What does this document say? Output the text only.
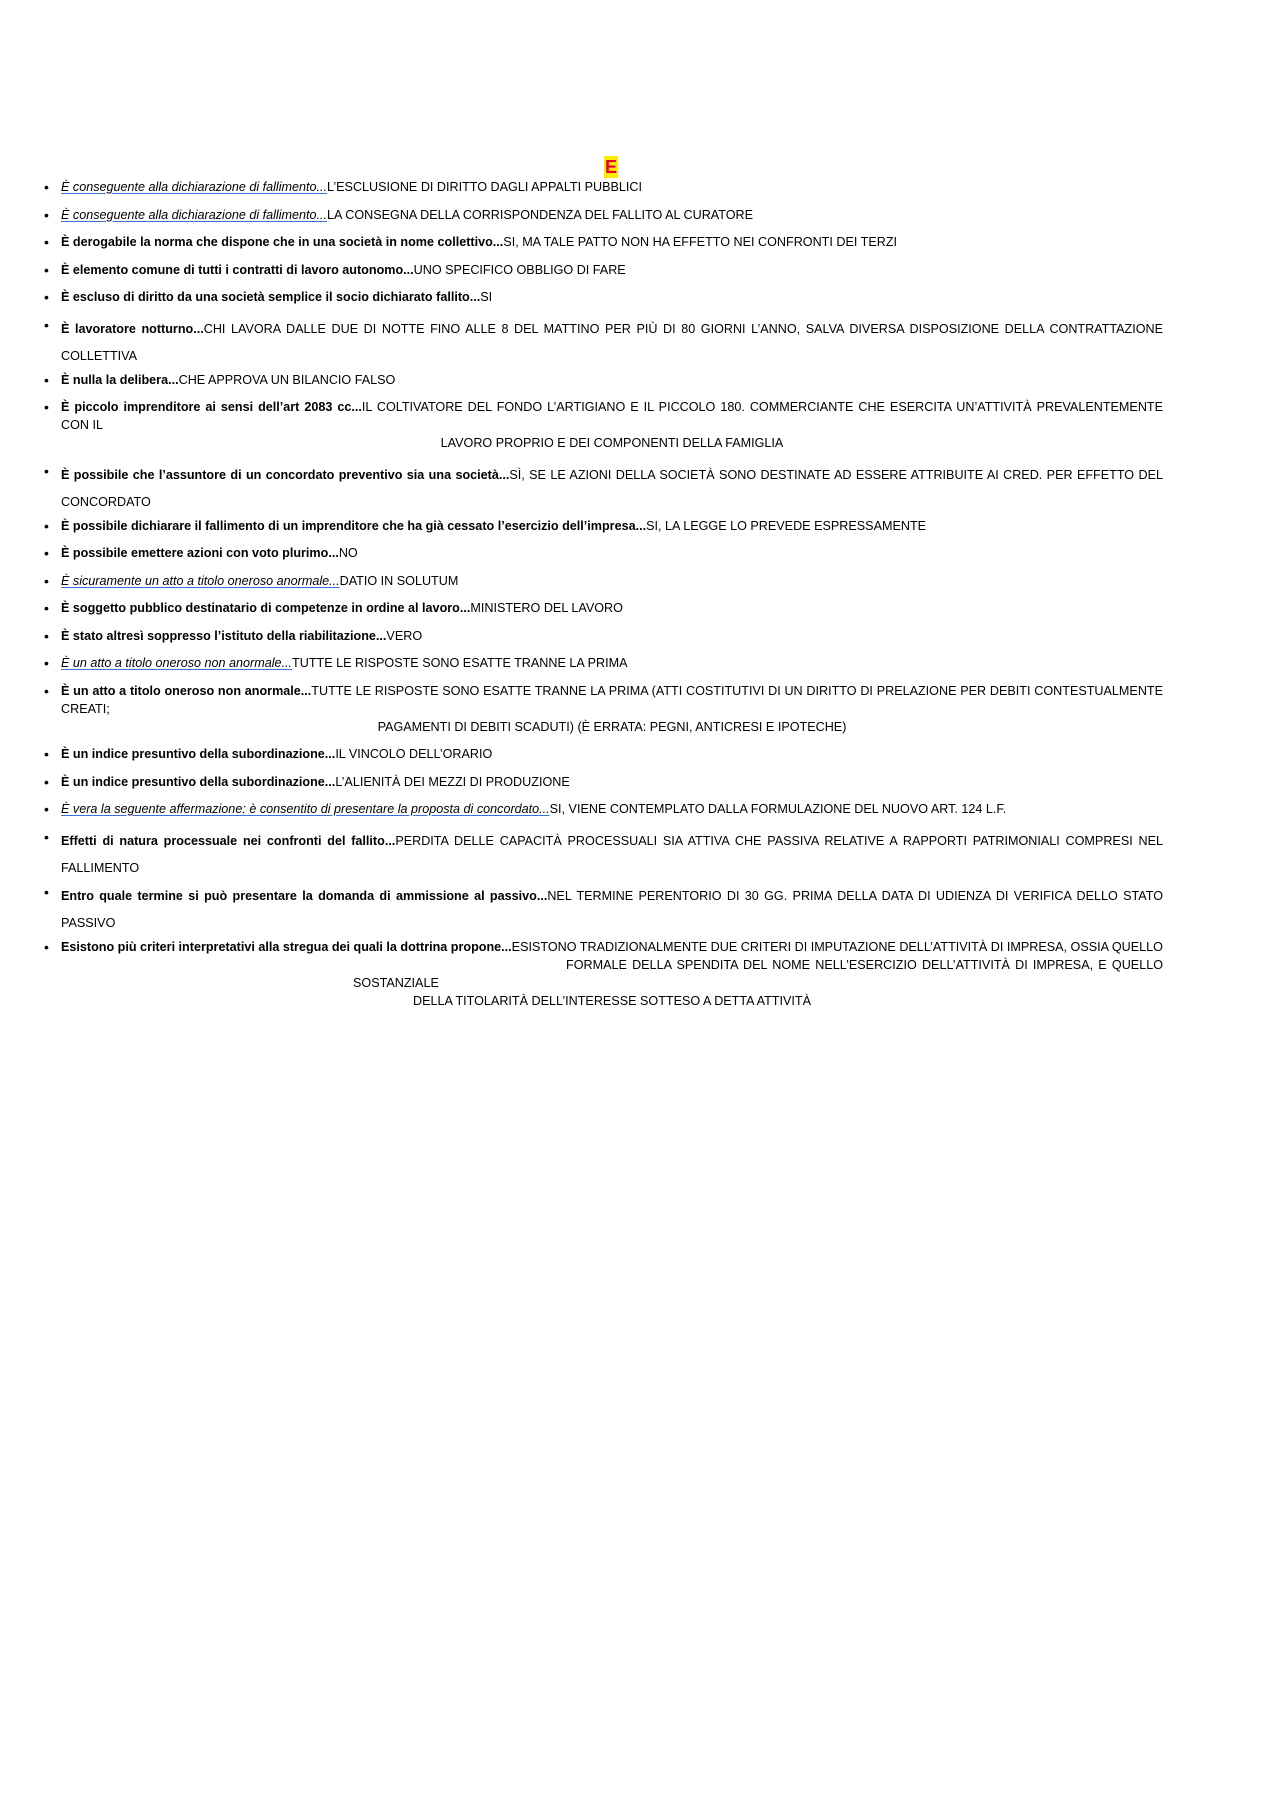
E
• È conseguente alla dichiarazione di fallimento...L’ESCLUSIONE DI DIRITTO DAGLI APPALTI PUBBLICI
• È conseguente alla dichiarazione di fallimento...LA CONSEGNA DELLA CORRISPONDENZA DEL FALLITO AL CURATORE
• È derogabile la norma che dispone che in una società in nome collettivo...SI, MA TALE PATTO NON HA EFFETTO NEI CONFRONTI DEI TERZI
• È elemento comune di tutti i contratti di lavoro autonomo...UNO SPECIFICO OBBLIGO DI FARE
• È escluso di diritto da una società semplice il socio dichiarato fallito...SI
• È lavoratore notturno...CHI LAVORA DALLE DUE DI NOTTE FINO ALLE 8 DEL MATTINO PER PIÙ DI 80 GIORNI L’ANNO, SALVA DIVERSA DISPOSIZIONE DELLA CONTRATTAZIONE COLLETTIVA
• È nulla la delibera...CHE APPROVA UN BILANCIO FALSO
• È piccolo imprenditore ai sensi dell’art 2083 cc...IL COLTIVATORE DEL FONDO L’ARTIGIANO E IL PICCOLO 180. COMMERCIANTE CHE ESERCITA UN’ATTIVITÀ PREVALENTEMENTE CON IL
LAVORO PROPRIO E DEI COMPONENTI DELLA FAMIGLIA
• È possibile che l’assuntore di un concordato preventivo sia una società...SÌ, SE LE AZIONI DELLA SOCIETÀ SONO DESTINATE AD ESSERE ATTRIBUITE AI CRED. PER EFFETTO DEL CONCORDATO
• È possibile dichiarare il fallimento di un imprenditore che ha già cessato l’esercizio dell’impresa...SI, LA LEGGE LO PREVEDE ESPRESSAMENTE
• È possibile emettere azioni con voto plurimo...NO
• È sicuramente un atto a titolo oneroso anormale...DATIO IN SOLUTUM
• È soggetto pubblico destinatario di competenze in ordine al lavoro...MINISTERO DEL LAVORO
• È stato altresì soppresso l’istituto della riabilitazione...VERO
• È un atto a titolo oneroso non anormale...TUTTE LE RISPOSTE SONO ESATTE TRANNE LA PRIMA
• È un atto a titolo oneroso non anormale...TUTTE LE RISPOSTE SONO ESATTE TRANNE LA PRIMA (ATTI COSTITUTIVI DI UN DIRITTO DI PRELAZIONE PER DEBITI CONTESTUALMENTE CREATI;
PAGAMENTI DI DEBITI SCADUTI) (È ERRATA: PEGNI, ANTICRESI E IPOTECHE)
• È un indice presuntivo della subordinazione...IL VINCOLO DELL’ORARIO
• È un indice presuntivo della subordinazione...L’ALIENITÀ DEI MEZZI DI PRODUZIONE
• È vera la seguente affermazione: è consentito di presentare la proposta di concordato...SI, VIENE CONTEMPLATO DALLA FORMULAZIONE DEL NUOVO ART. 124 L.F.
• Effetti di natura processuale nei confronti del fallito...PERDITA DELLE CAPACITÀ PROCESSUALI SIA ATTIVA CHE PASSIVA RELATIVE A RAPPORTI PATRIMONIALI COMPRESI NEL FALLIMENTO
• Entro quale termine si può presentare la domanda di ammissione al passivo...NEL TERMINE PERENTORIO DI 30 GG. PRIMA DELLA DATA DI UDIENZA DI VERIFICA DELLO STATO PASSIVO
• Esistono più criteri interpretativi alla stregua dei quali la dottrina propone...ESISTONO TRADIZIONALMENTE DUE CRITERI DI IMPUTAZIONE DELL’ATTIVITÀ DI IMPRESA, OSSIA QUELLO
FORMALE DELLA SPENDITA DEL NOME NELL’ESERCIZIO DELL’ATTIVITÀ DI IMPRESA, E QUELLO
SOSTANZIALE
DELLA TITOLARITÀ DELL’INTERESSE SOTTESO A DETTA ATTIVITÀ
